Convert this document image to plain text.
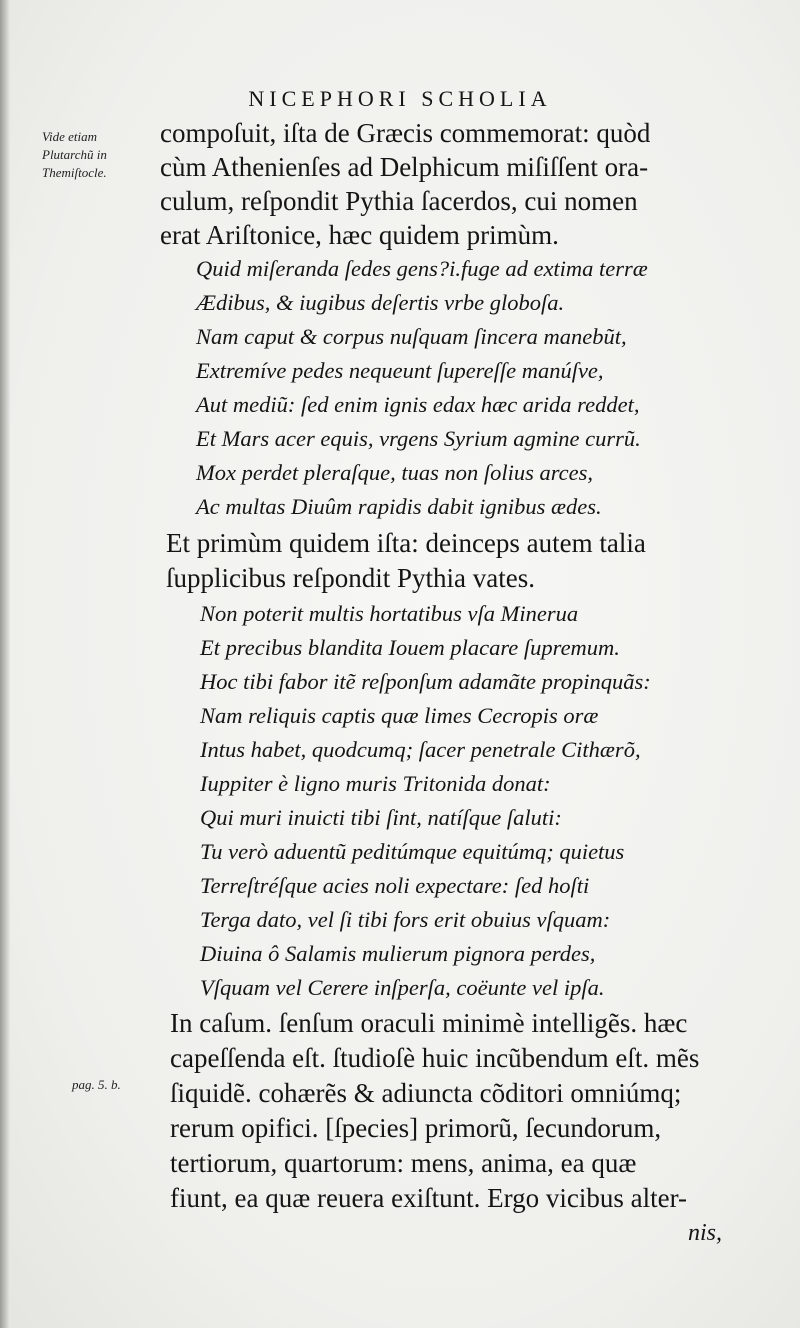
NICEPHORI SCHOLIA
Vide etiam
Plutarchũ in
Themiſtocle.
pag. 5. b.
compoſuit, iſta de Græcis commemorat: quòd
cùm Athenienſes ad Delphicum miſiſſent ora-
culum, reſpondit Pythia ſacerdos, cui nomen
erat Ariſtonice, hæc quidem primùm.
Quid miſeranda ſedes gens?i.fuge ad extima terræ
Ædibus, & iugibus deſertis vrbe globoſa.
Nam caput & corpus nuſquam ſincera manebũt,
Extremíve pedes nequeunt ſupereſſe manúſve,
Aut mediũ: ſed enim ignis edax hæc arida reddet,
Et Mars acer equis, vrgens Syrium agmine currũ.
Mox perdet pleraſque, tuas non ſolius arces,
Ac multas Diuûm rapidis dabit ignibus ædes.
Et primùm quidem iſta: deinceps autem talia
ſupplicibus reſpondit Pythia vates.
Non poterit multis hortatibus vſa Minerua
Et precibus blandita Iouem placare ſupremum.
Hoc tibi fabor itẽ reſponſum adamãte propinquãs:
Nam reliquis captis quæ limes Cecropis oræ
Intus habet, quodcumq; ſacer penetrale Cithærõ,
Iuppiter è ligno muris Tritonida donat:
Qui muri inuicti tibi ſint, natíſque ſaluti:
Tu verò aduentũ peditúmque equitúmq; quietus
Terreſtréſque acies noli expectare: ſed hoſti
Terga dato, vel ſi tibi fors erit obuius vſquam:
Diuina ô Salamis mulierum pignora perdes,
Vſquam vel Cerere inſperſa, coëunte vel ipſa.
In caſum. ſenſum oraculi minimè intelligẽs. hæc
capeſſenda eſt. ſtudioſè huic incũbendum eſt. mẽs
ſiquidẽ. cohærẽs & adiuncta cõditori omniúmq;
rerum opifici. [ſpecies] primorũ, ſecundorum,
tertiorum, quartorum: mens, anima, ea quæ
fiunt, ea quæ reuera exiſtunt. Ergo vicibus alter-
nis,
